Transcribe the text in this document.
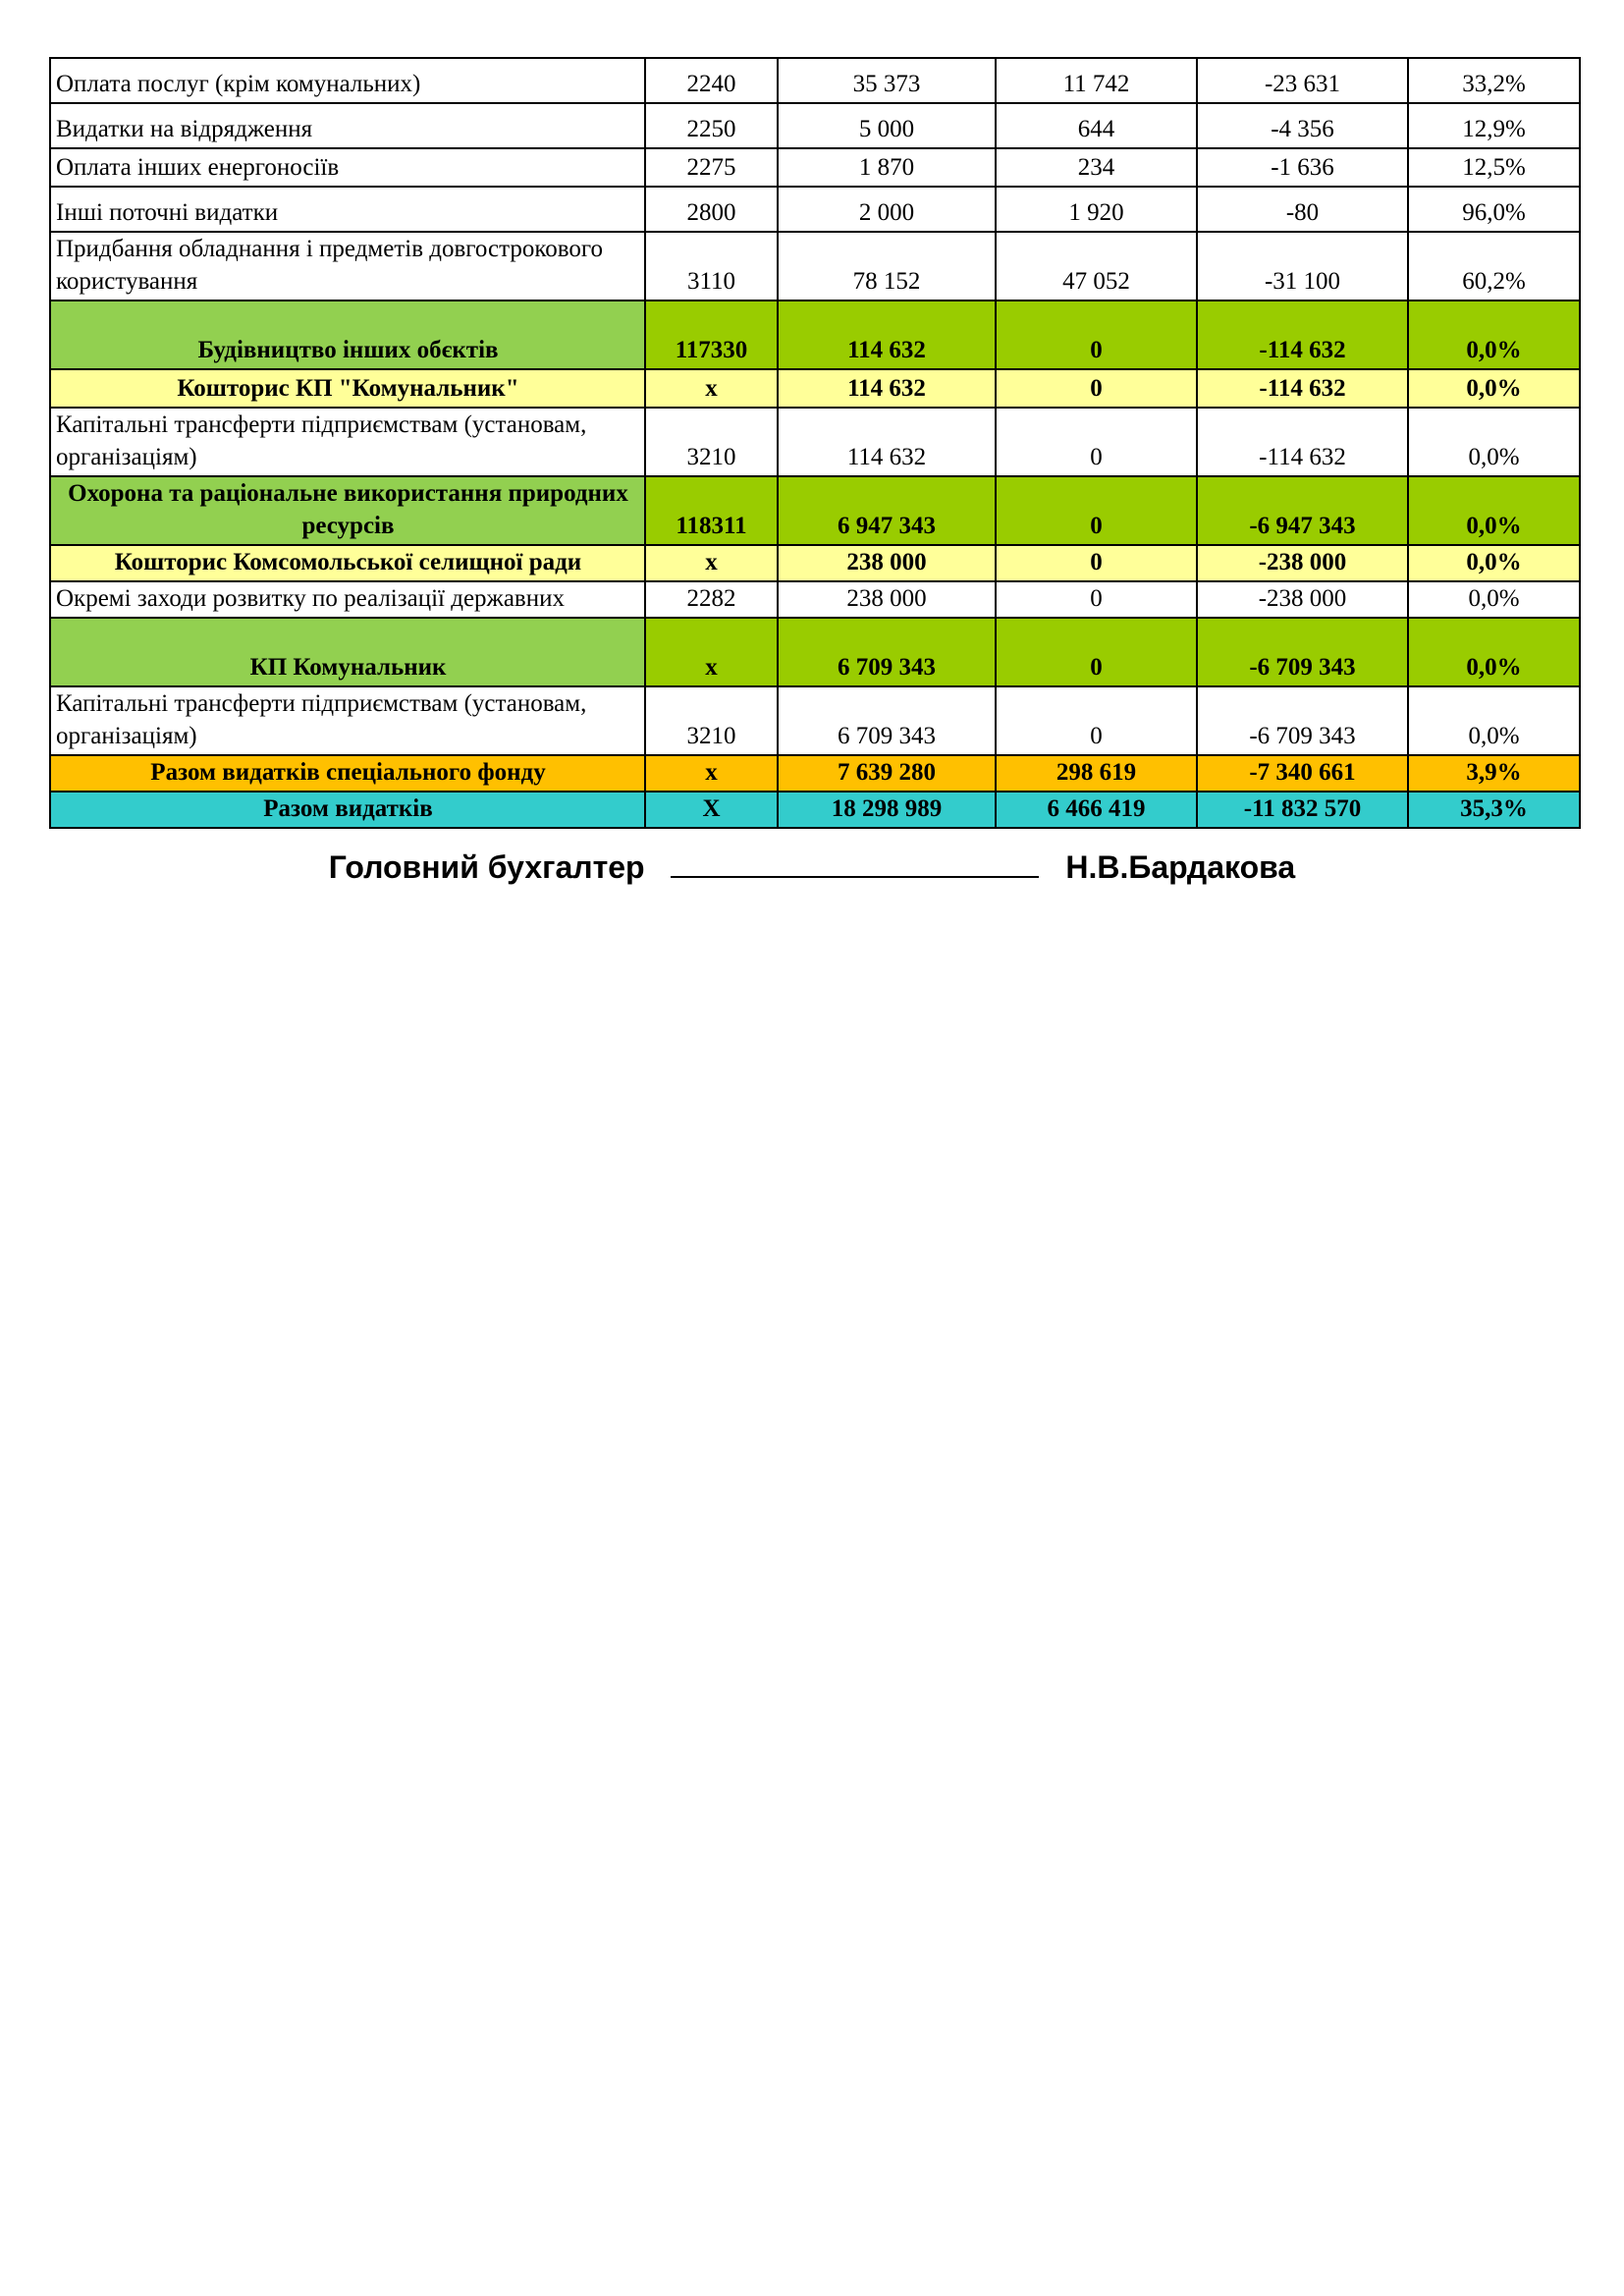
Оплата послуг (крім комунальних)	2240	35 373	11 742	-23 631	33,2%
Видатки на відрядження	2250	5 000	644	-4 356	12,9%
Оплата інших енергоносіїв	2275	1 870	234	-1 636	12,5%
Інші поточні видатки	2800	2 000	1 920	-80	96,0%
Придбання обладнання і предметів довгострокового користування	3110	78 152	47 052	-31 100	60,2%
Будівництво інших обєктів	117330	114 632	0	-114 632	0,0%
Кошторис КП "Комунальник"	х	114 632	0	-114 632	0,0%
Капітальні трансферти підприємствам (установам, організаціям)	3210	114 632	0	-114 632	0,0%
Охорона та раціональне використання природних ресурсів	118311	6 947 343	0	-6 947 343	0,0%
Кошторис Комсомольської селищної ради	х	238 000	0	-238 000	0,0%
Окремі заходи розвитку по реалізації державних	2282	238 000	0	-238 000	0,0%
КП Комунальник	х	6 709 343	0	-6 709 343	0,0%
Капітальні трансферти підприємствам (установам, організаціям)	3210	6 709 343	0	-6 709 343	0,0%
Разом видатків спеціального фонду	х	7 639 280	298 619	-7 340 661	3,9%
Разом видатків	Х	18 298 989	6 466 419	-11 832 570	35,3%
Головний бухгалтер	Н.В.Бардакова
